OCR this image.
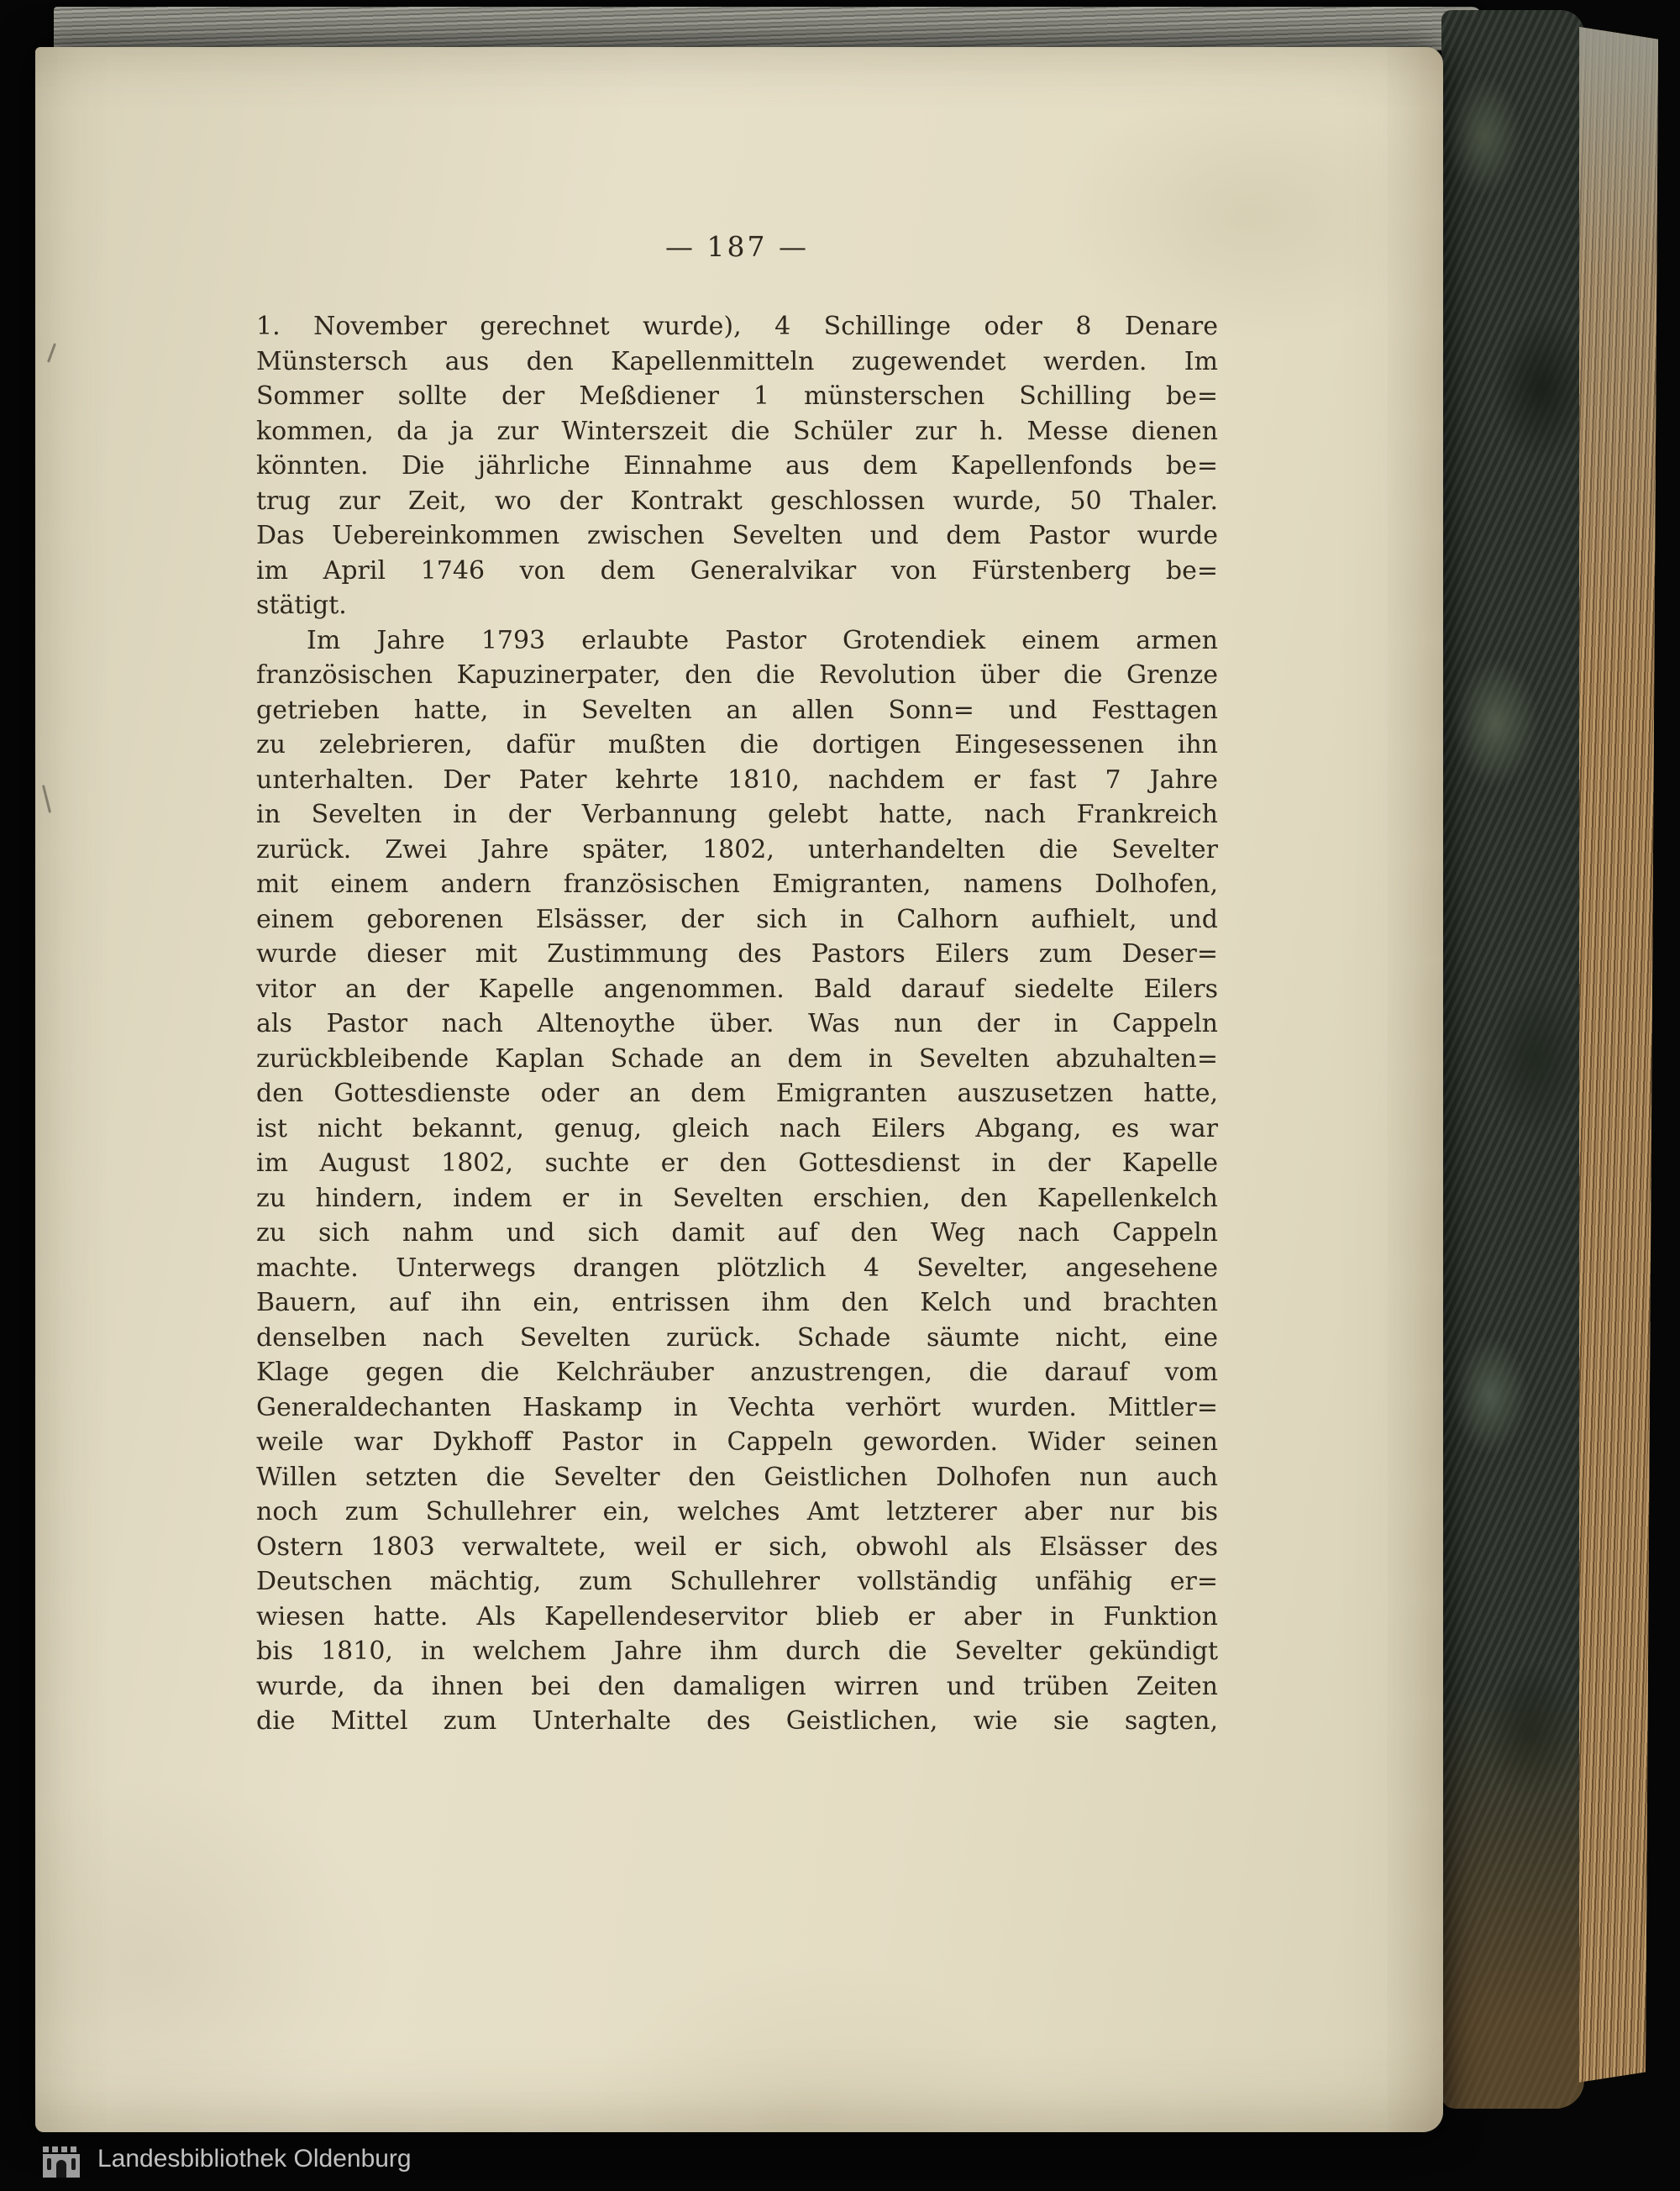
— 187 —
1. November gerechnet wurde), 4 Schillinge oder 8 Denare
Münstersch aus den Kapellenmitteln zugewendet werden. Im
Sommer sollte der Meßdiener 1 münsterschen Schilling be=
kommen, da ja zur Winterszeit die Schüler zur h. Messe dienen
könnten. Die jährliche Einnahme aus dem Kapellenfonds be=
trug zur Zeit, wo der Kontrakt geschlossen wurde, 50 Thaler.
Das Uebereinkommen zwischen Sevelten und dem Pastor wurde
im April 1746 von dem Generalvikar von Fürstenberg be=
stätigt.
Im Jahre 1793 erlaubte Pastor Grotendiek einem armen
französischen Kapuzinerpater, den die Revolution über die Grenze
getrieben hatte, in Sevelten an allen Sonn= und Festtagen
zu zelebrieren, dafür mußten die dortigen Eingesessenen ihn
unterhalten. Der Pater kehrte 1810, nachdem er fast 7 Jahre
in Sevelten in der Verbannung gelebt hatte, nach Frankreich
zurück. Zwei Jahre später, 1802, unterhandelten die Sevelter
mit einem andern französischen Emigranten, namens Dolhofen,
einem geborenen Elsässer, der sich in Calhorn aufhielt, und
wurde dieser mit Zustimmung des Pastors Eilers zum Deser=
vitor an der Kapelle angenommen. Bald darauf siedelte Eilers
als Pastor nach Altenoythe über. Was nun der in Cappeln
zurückbleibende Kaplan Schade an dem in Sevelten abzuhalten=
den Gottesdienste oder an dem Emigranten auszusetzen hatte,
ist nicht bekannt, genug, gleich nach Eilers Abgang, es war
im August 1802, suchte er den Gottesdienst in der Kapelle
zu hindern, indem er in Sevelten erschien, den Kapellenkelch
zu sich nahm und sich damit auf den Weg nach Cappeln
machte. Unterwegs drangen plötzlich 4 Sevelter, angesehene
Bauern, auf ihn ein, entrissen ihm den Kelch und brachten
denselben nach Sevelten zurück. Schade säumte nicht, eine
Klage gegen die Kelchräuber anzustrengen, die darauf vom
Generaldechanten Haskamp in Vechta verhört wurden. Mittler=
weile war Dykhoff Pastor in Cappeln geworden. Wider seinen
Willen setzten die Sevelter den Geistlichen Dolhofen nun auch
noch zum Schullehrer ein, welches Amt letzterer aber nur bis
Ostern 1803 verwaltete, weil er sich, obwohl als Elsässer des
Deutschen mächtig, zum Schullehrer vollständig unfähig er=
wiesen hatte. Als Kapellendeservitor blieb er aber in Funktion
bis 1810, in welchem Jahre ihm durch die Sevelter gekündigt
wurde, da ihnen bei den damaligen wirren und trüben Zeiten
die Mittel zum Unterhalte des Geistlichen, wie sie sagten,
Landesbibliothek Oldenburg
